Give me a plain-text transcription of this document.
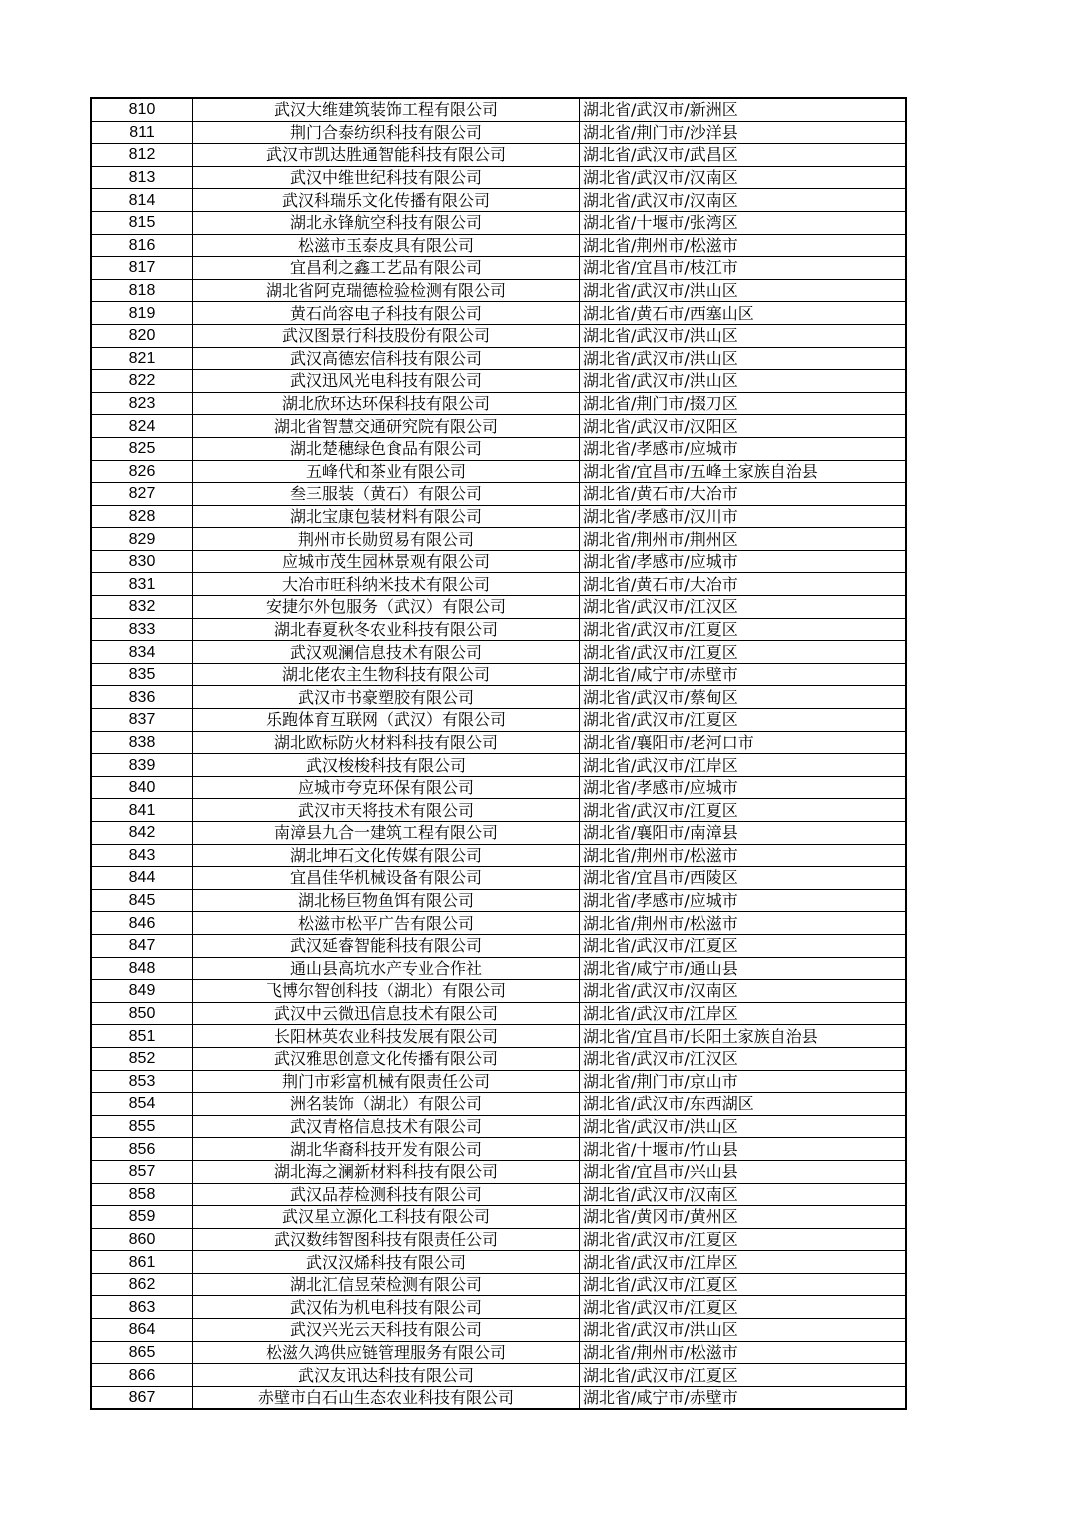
810	武汉大维建筑装饰工程有限公司	湖北省/武汉市/新洲区
811	荆门合泰纺织科技有限公司	湖北省/荆门市/沙洋县
812	武汉市凯达胜通智能科技有限公司	湖北省/武汉市/武昌区
813	武汉中维世纪科技有限公司	湖北省/武汉市/汉南区
814	武汉科瑞乐文化传播有限公司	湖北省/武汉市/汉南区
815	湖北永锋航空科技有限公司	湖北省/十堰市/张湾区
816	松滋市玉泰皮具有限公司	湖北省/荆州市/松滋市
817	宜昌利之鑫工艺品有限公司	湖北省/宜昌市/枝江市
818	湖北省阿克瑞德检验检测有限公司	湖北省/武汉市/洪山区
819	黄石尚容电子科技有限公司	湖北省/黄石市/西塞山区
820	武汉图景行科技股份有限公司	湖北省/武汉市/洪山区
821	武汉高德宏信科技有限公司	湖北省/武汉市/洪山区
822	武汉迅风光电科技有限公司	湖北省/武汉市/洪山区
823	湖北欣环达环保科技有限公司	湖北省/荆门市/掇刀区
824	湖北省智慧交通研究院有限公司	湖北省/武汉市/汉阳区
825	湖北楚穗绿色食品有限公司	湖北省/孝感市/应城市
826	五峰代和茶业有限公司	湖北省/宜昌市/五峰土家族自治县
827	叁三服装（黄石）有限公司	湖北省/黄石市/大冶市
828	湖北宝康包装材料有限公司	湖北省/孝感市/汉川市
829	荆州市长勋贸易有限公司	湖北省/荆州市/荆州区
830	应城市茂生园林景观有限公司	湖北省/孝感市/应城市
831	大冶市旺科纳米技术有限公司	湖北省/黄石市/大冶市
832	安捷尔外包服务（武汉）有限公司	湖北省/武汉市/江汉区
833	湖北春夏秋冬农业科技有限公司	湖北省/武汉市/江夏区
834	武汉观澜信息技术有限公司	湖北省/武汉市/江夏区
835	湖北佬农主生物科技有限公司	湖北省/咸宁市/赤壁市
836	武汉市书豪塑胶有限公司	湖北省/武汉市/蔡甸区
837	乐跑体育互联网（武汉）有限公司	湖北省/武汉市/江夏区
838	湖北欧标防火材料科技有限公司	湖北省/襄阳市/老河口市
839	武汉梭梭科技有限公司	湖北省/武汉市/江岸区
840	应城市夸克环保有限公司	湖北省/孝感市/应城市
841	武汉市天将技术有限公司	湖北省/武汉市/江夏区
842	南漳县九合一建筑工程有限公司	湖北省/襄阳市/南漳县
843	湖北坤石文化传媒有限公司	湖北省/荆州市/松滋市
844	宜昌佳华机械设备有限公司	湖北省/宜昌市/西陵区
845	湖北杨巨物鱼饵有限公司	湖北省/孝感市/应城市
846	松滋市松平广告有限公司	湖北省/荆州市/松滋市
847	武汉延睿智能科技有限公司	湖北省/武汉市/江夏区
848	通山县高坑水产专业合作社	湖北省/咸宁市/通山县
849	飞博尔智创科技（湖北）有限公司	湖北省/武汉市/汉南区
850	武汉中云微迅信息技术有限公司	湖北省/武汉市/江岸区
851	长阳林英农业科技发展有限公司	湖北省/宜昌市/长阳土家族自治县
852	武汉雅思创意文化传播有限公司	湖北省/武汉市/江汉区
853	荆门市彩富机械有限责任公司	湖北省/荆门市/京山市
854	洲名装饰（湖北）有限公司	湖北省/武汉市/东西湖区
855	武汉青格信息技术有限公司	湖北省/武汉市/洪山区
856	湖北华裔科技开发有限公司	湖北省/十堰市/竹山县
857	湖北海之澜新材料科技有限公司	湖北省/宜昌市/兴山县
858	武汉品荐检测科技有限公司	湖北省/武汉市/汉南区
859	武汉星立源化工科技有限公司	湖北省/黄冈市/黄州区
860	武汉数纬智图科技有限责任公司	湖北省/武汉市/江夏区
861	武汉汉烯科技有限公司	湖北省/武汉市/江岸区
862	湖北汇信昱荣检测有限公司	湖北省/武汉市/江夏区
863	武汉佑为机电科技有限公司	湖北省/武汉市/江夏区
864	武汉兴光云天科技有限公司	湖北省/武汉市/洪山区
865	松滋久鸿供应链管理服务有限公司	湖北省/荆州市/松滋市
866	武汉友讯达科技有限公司	湖北省/武汉市/江夏区
867	赤壁市白石山生态农业科技有限公司	湖北省/咸宁市/赤壁市
